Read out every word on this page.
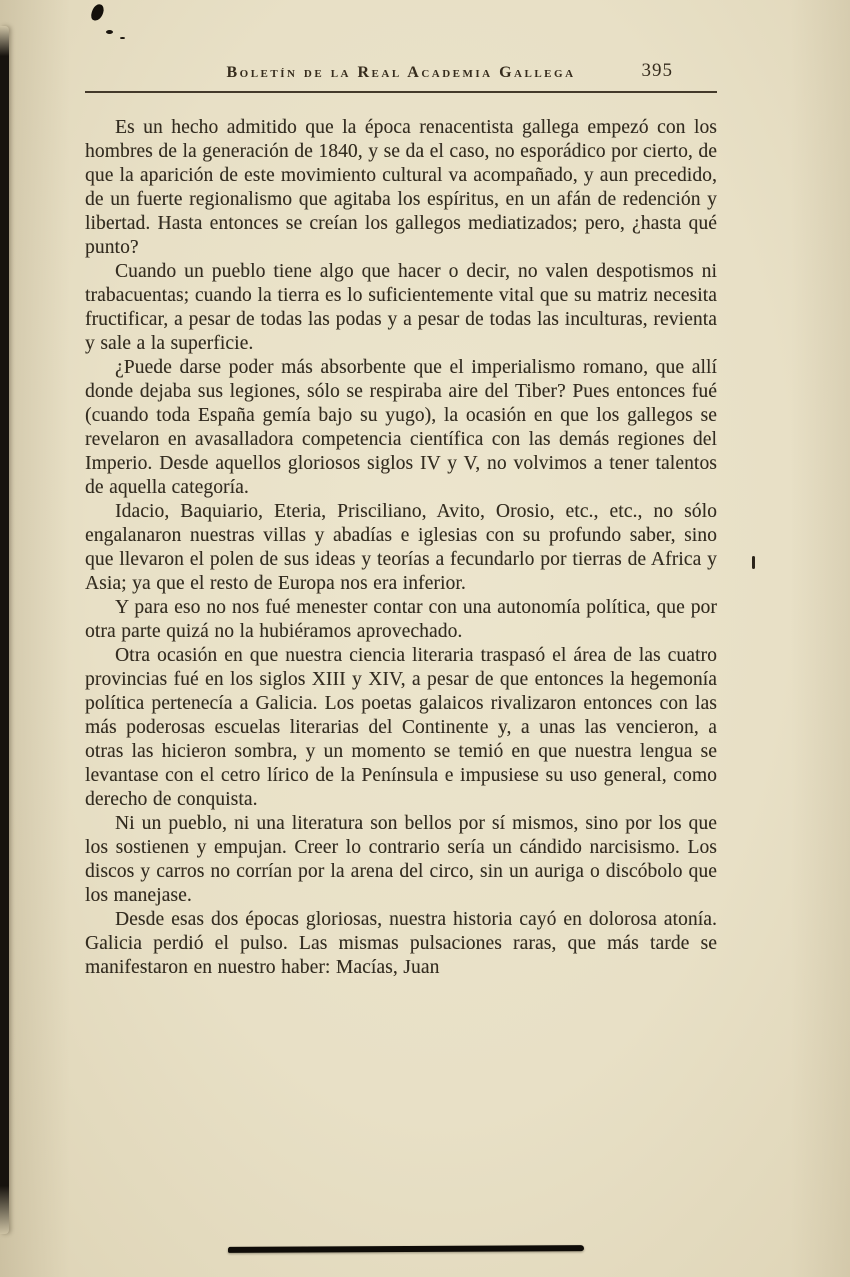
Boletín de la Real Academia Gallega	395

Es un hecho admitido que la época renacentista gallega empezó con los hombres de la generación de 1840, y se da el caso, no esporádico por cierto, de que la aparición de este movimiento cultural va acompañado, y aun precedido, de un fuerte regionalismo que agitaba los espíritus, en un afán de redención y libertad. Hasta entonces se creían los gallegos mediatizados; pero, ¿hasta qué punto?

Cuando un pueblo tiene algo que hacer o decir, no valen despotismos ni trabacuentas; cuando la tierra es lo suficientemente vital que su matriz necesita fructificar, a pesar de todas las podas y a pesar de todas las inculturas, revienta y sale a la superficie.

¿Puede darse poder más absorbente que el imperialismo romano, que allí donde dejaba sus legiones, sólo se respiraba aire del Tiber? Pues entonces fué (cuando toda España gemía bajo su yugo), la ocasión en que los gallegos se revelaron en avasalladora competencia científica con las demás regiones del Imperio. Desde aquellos gloriosos siglos IV y V, no volvimos a tener talentos de aquella categoría.

Idacio, Baquiario, Eteria, Prisciliano, Avito, Orosio, etc., etc., no sólo engalanaron nuestras villas y abadías e iglesias con su profundo saber, sino que llevaron el polen de sus ideas y teorías a fecundarlo por tierras de Africa y Asia; ya que el resto de Europa nos era inferior.

Y para eso no nos fué menester contar con una autonomía política, que por otra parte quizá no la hubiéramos aprovechado.

Otra ocasión en que nuestra ciencia literaria traspasó el área de las cuatro provincias fué en los siglos XIII y XIV, a pesar de que entonces la hegemonía política pertenecía a Galicia. Los poetas galaicos rivalizaron entonces con las más poderosas escuelas literarias del Continente y, a unas las vencieron, a otras las hicieron sombra, y un momento se temió en que nuestra lengua se levantase con el cetro lírico de la Península e impusiese su uso general, como derecho de conquista.

Ni un pueblo, ni una literatura son bellos por sí mismos, sino por los que los sostienen y empujan. Creer lo contrario sería un cándido narcisismo. Los discos y carros no corrían por la arena del circo, sin un auriga o discóbolo que los manejase.

Desde esas dos épocas gloriosas, nuestra historia cayó en dolorosa atonía. Galicia perdió el pulso. Las mismas pulsaciones raras, que más tarde se manifestaron en nuestro haber: Macías, Juan
